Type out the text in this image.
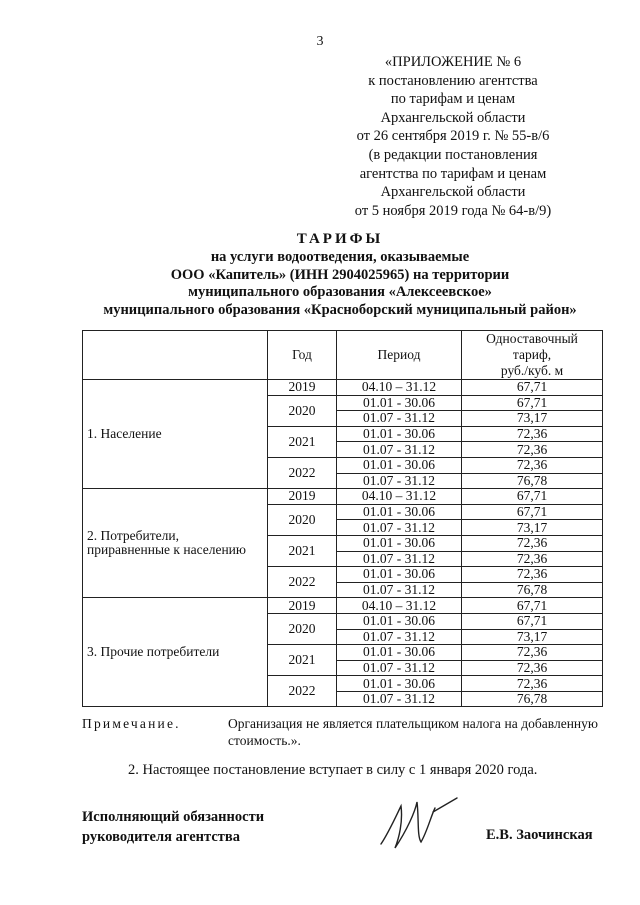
3
«ПРИЛОЖЕНИЕ № 6
к постановлению агентства
по тарифам и ценам
Архангельской области
от 26 сентября 2019 г. № 55-в/6
(в редакции постановления
агентства по тарифам и ценам
Архангельской области
от 5 ноября 2019 года № 64-в/9)
ТАРИФЫ
на услуги водоотведения, оказываемые
ООО «Капитель» (ИНН 2904025965) на территории
муниципального образования «Алексеевское»
муниципального образования «Красноборский муниципальный район»
	Год	Период	Одноставочный тариф,
руб./куб. м

1. Население	2019	04.10 – 31.12	67,71
	2020	01.01 - 30.06	67,71
		01.07 - 31.12	73,17
	2021	01.01 - 30.06	72,36
		01.07 - 31.12	72,36
	2022	01.01 - 30.06	72,36
		01.07 - 31.12	76,78

2. Потребители,
приравненные к населению	2019	04.10 – 31.12	67,71
	2020	01.01 - 30.06	67,71
		01.07 - 31.12	73,17
	2021	01.01 - 30.06	72,36
		01.07 - 31.12	72,36
	2022	01.01 - 30.06	72,36
		01.07 - 31.12	76,78

3. Прочие потребители	2019	04.10 – 31.12	67,71
	2020	01.01 - 30.06	67,71
		01.07 - 31.12	73,17
	2021	01.01 - 30.06	72,36
		01.07 - 31.12	72,36
	2022	01.01 - 30.06	72,36
		01.07 - 31.12	76,78
Примечание.	Организация не является плательщиком налога на добавленную
стоимость.».
2. Настоящее постановление вступает в силу с 1 января 2020 года.
Исполняющий обязанности
руководителя агентства	Е.В. Заочинская
